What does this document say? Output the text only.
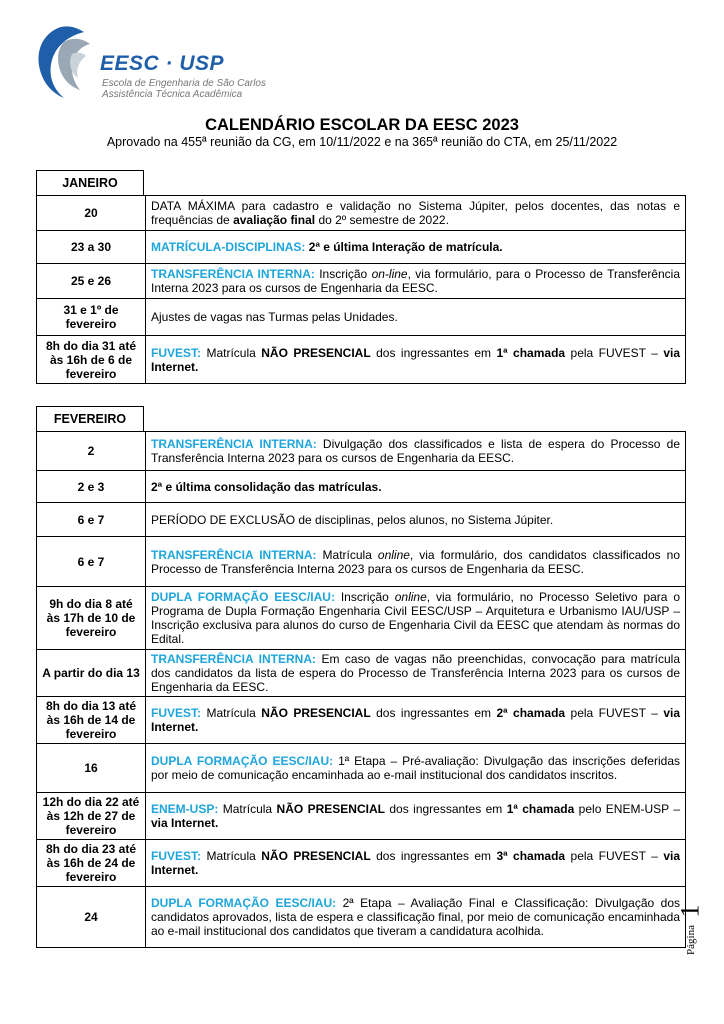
EESC · USP
Escola de Engenharia de São Carlos
Assistência Técnica Acadêmica
CALENDÁRIO ESCOLAR DA EESC 2023
Aprovado na 455ª reunião da CG, em 10/11/2022 e na 365ª reunião do CTA, em 25/11/2022
JANEIRO
20	DATA MÁXIMA para cadastro e validação no Sistema Júpiter, pelos docentes, das notas e frequências de avaliação final do 2º semestre de 2022.
23 a 30	MATRÍCULA-DISCIPLINAS: 2ª e última Interação de matrícula.
25 e 26	TRANSFERÊNCIA INTERNA: Inscrição on-line, via formulário, para o Processo de Transferência Interna 2023 para os cursos de Engenharia da EESC.
31 e 1º de fevereiro	Ajustes de vagas nas Turmas pelas Unidades.
8h do dia 31 até às 16h de 6 de fevereiro	FUVEST: Matrícula NÃO PRESENCIAL dos ingressantes em 1ª chamada pela FUVEST – via Internet.
FEVEREIRO
2	TRANSFERÊNCIA INTERNA: Divulgação dos classificados e lista de espera do Processo de Transferência Interna 2023 para os cursos de Engenharia da EESC.
2 e 3	2ª e última consolidação das matrículas.
6 e 7	PERÍODO DE EXCLUSÃO de disciplinas, pelos alunos, no Sistema Júpiter.
6 e 7	TRANSFERÊNCIA INTERNA: Matrícula online, via formulário, dos candidatos classificados no Processo de Transferência Interna 2023 para os cursos de Engenharia da EESC.
9h do dia 8 até às 17h de 10 de fevereiro	DUPLA FORMAÇÃO EESC/IAU: Inscrição online, via formulário, no Processo Seletivo para o Programa de Dupla Formação Engenharia Civil EESC/USP – Arquitetura e Urbanismo IAU/USP – Inscrição exclusiva para alunos do curso de Engenharia Civil da EESC que atendam às normas do Edital.
A partir do dia 13	TRANSFERÊNCIA INTERNA: Em caso de vagas não preenchidas, convocação para matrícula dos candidatos da lista de espera do Processo de Transferência Interna 2023 para os cursos de Engenharia da EESC.
8h do dia 13 até às 16h de 14 de fevereiro	FUVEST: Matrícula NÃO PRESENCIAL dos ingressantes em 2ª chamada pela FUVEST – via Internet.
16	DUPLA FORMAÇÃO EESC/IAU: 1ª Etapa – Pré-avaliação: Divulgação das inscrições deferidas por meio de comunicação encaminhada ao e-mail institucional dos candidatos inscritos.
12h do dia 22 até às 12h de 27 de fevereiro	ENEM-USP: Matrícula NÃO PRESENCIAL dos ingressantes em 1ª chamada pelo ENEM-USP – via Internet.
8h do dia 23 até às 16h de 24 de fevereiro	FUVEST: Matrícula NÃO PRESENCIAL dos ingressantes em 3ª chamada pela FUVEST – via Internet.
24	DUPLA FORMAÇÃO EESC/IAU: 2ª Etapa – Avaliação Final e Classificação: Divulgação dos candidatos aprovados, lista de espera e classificação final, por meio de comunicação encaminhada ao e-mail institucional dos candidatos que tiveram a candidatura acolhida.
1
Página
